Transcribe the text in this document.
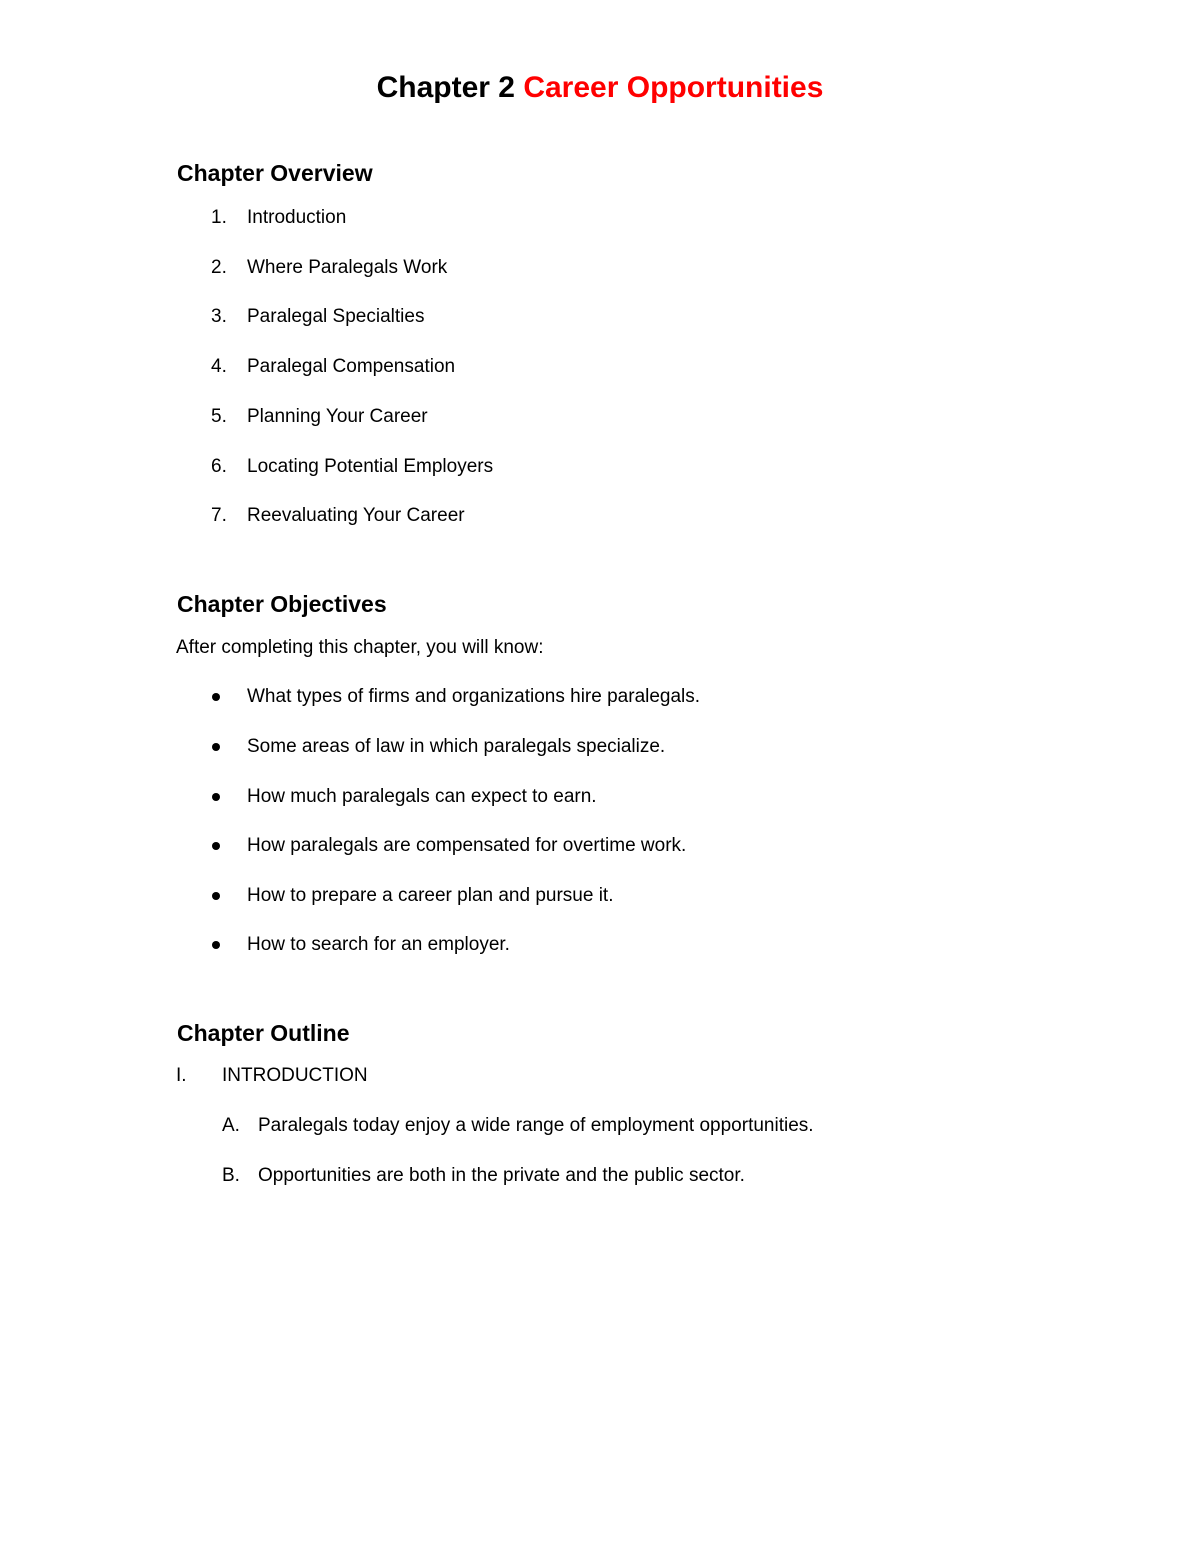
Chapter 2 Career Opportunities
Chapter Overview
1. Introduction
2. Where Paralegals Work
3. Paralegal Specialties
4. Paralegal Compensation
5. Planning Your Career
6. Locating Potential Employers
7. Reevaluating Your Career
Chapter Objectives
After completing this chapter, you will know:
What types of firms and organizations hire paralegals.
Some areas of law in which paralegals specialize.
How much paralegals can expect to earn.
How paralegals are compensated for overtime work.
How to prepare a career plan and pursue it.
How to search for an employer.
Chapter Outline
I. INTRODUCTION
A. Paralegals today enjoy a wide range of employment opportunities.
B. Opportunities are both in the private and the public sector.
